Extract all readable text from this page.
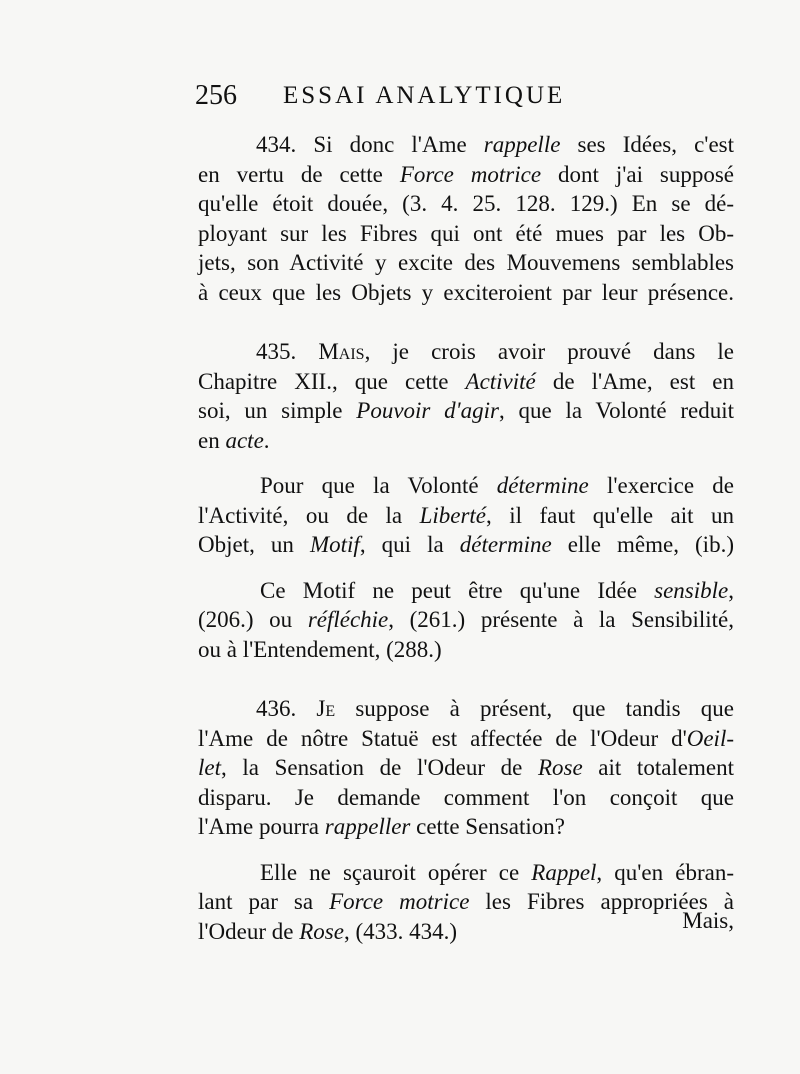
256 ESSAI ANALYTIQUE
434. Si donc l'Ame rappelle ses Idées, c'est
en vertu de cette Force motrice dont j'ai supposé
qu'elle étoit douée, (3. 4. 25. 128. 129.) En se dé-
ployant sur les Fibres qui ont été mues par les Ob-
jets, son Activité y excite des Mouvemens semblables
à ceux que les Objets y exciteroient par leur présence.
435. Mais, je crois avoir prouvé dans le
Chapitre XII., que cette Activité de l'Ame, est en
soi, un simple Pouvoir d'agir, que la Volonté reduit
en acte.
Pour que la Volonté détermine l'exercice de
l'Activité, ou de la Liberté, il faut qu'elle ait un
Objet, un Motif, qui la détermine elle même, (ib.)
Ce Motif ne peut être qu'une Idée sensible,
(206.) ou réfléchie, (261.) présente à la Sensibilité,
ou à l'Entendement, (288.)
436. Je suppose à présent, que tandis que
l'Ame de nôtre Statuë est affectée de l'Odeur d'Oeil-
let, la Sensation de l'Odeur de Rose ait totalement
disparu. Je demande comment l'on conçoit que
l'Ame pourra rappeller cette Sensation?
Elle ne sçauroit opérer ce Rappel, qu'en ébran-
lant par sa Force motrice les Fibres appropriées à
l'Odeur de Rose, (433. 434.)	Mais,
